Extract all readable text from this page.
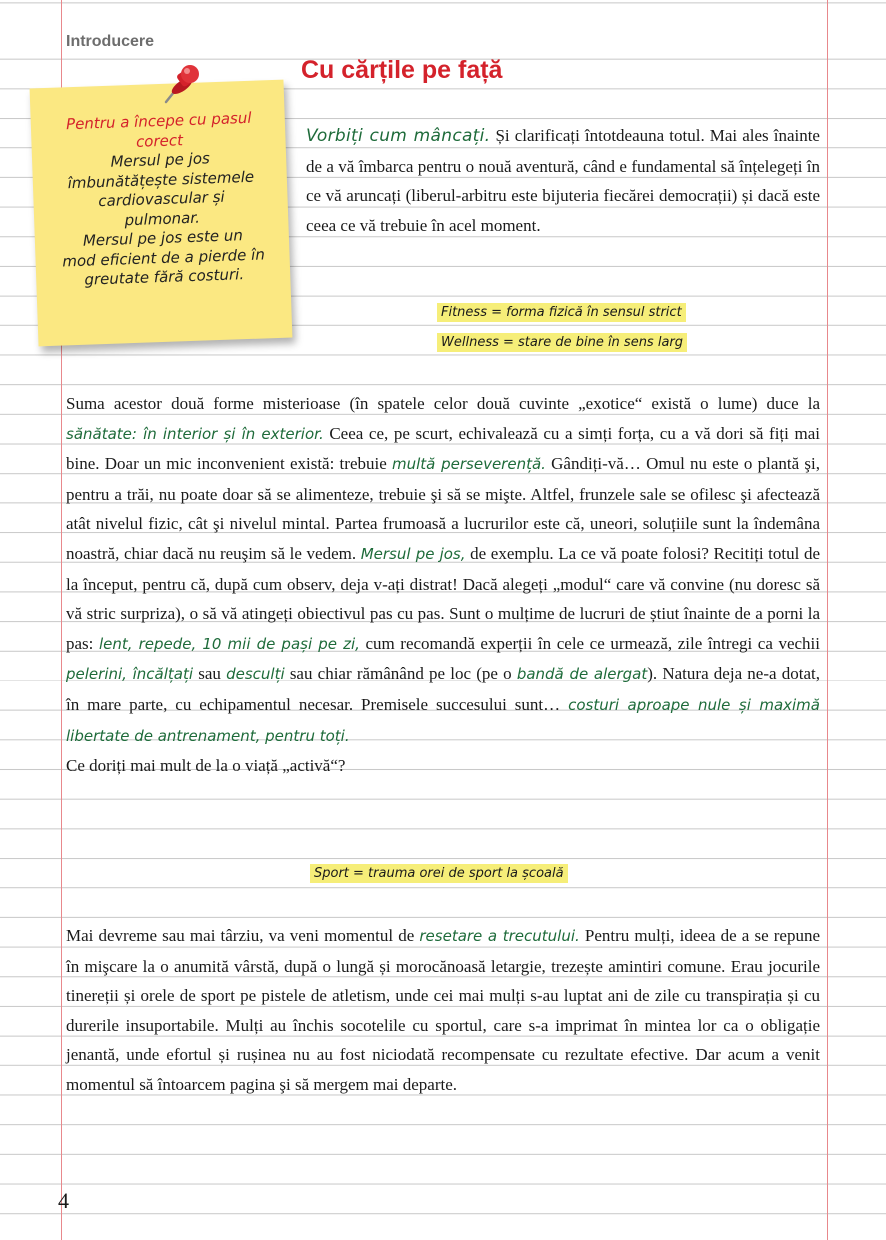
Introducere
Cu cărțile pe față
Pentru a începe cu pasul
corect
Mersul pe jos
îmbunătățește sistemele
cardiovascular și
pulmonar.
Mersul pe jos este un
mod eficient de a pierde în
greutate fără costuri.
Vorbiți cum mâncați. Și clarificați întotdeauna totul. Mai ales înainte de a vă îmbarca pentru o nouă aventură, când e fundamental să înțelegeți în ce vă aruncați (liberul-arbitru este bijuteria fiecărei democrații) și dacă este ceea ce vă trebuie în acel moment.
Fitness = forma fizică în sensul strict
Wellness = stare de bine în sens larg
Suma acestor două forme misterioase (în spatele celor două cuvinte „exotice“ există o lume) duce la sănătate: în interior și în exterior. Ceea ce, pe scurt, echivalează cu a simți forța, cu a vă dori să fiți mai bine. Doar un mic inconvenient există: trebuie multă perseverență. Gândiți-vă… Omul nu este o plantă şi, pentru a trăi, nu poate doar să se alimenteze, trebuie şi să se mişte. Altfel, frunzele sale se ofilesc şi afectează atât nivelul fizic, cât şi nivelul mintal. Partea frumoasă a lucrurilor este că, uneori, soluțiile sunt la îndemâna noastră, chiar dacă nu reuşim să le vedem. Mersul pe jos, de exemplu. La ce vă poate folosi? Recitiți totul de la început, pentru că, după cum observ, deja v-ați distrat! Dacă alegeți „modul“ care vă convine (nu doresc să vă stric surpriza), o să vă atingeți obiectivul pas cu pas. Sunt o mulțime de lucruri de știut înainte de a porni la pas: lent, repede, 10 mii de pași pe zi, cum recomandă experții în cele ce urmează, zile întregi ca vechii pelerini, încălțați sau desculți sau chiar rămânând pe loc (pe o bandă de alergat). Natura deja ne-a dotat, în mare parte, cu echipamentul necesar. Premisele succesului sunt… costuri aproape nule și maximă libertate de antrenament, pentru toți.
Ce doriți mai mult de la o viață „activă“?
Sport = trauma orei de sport la școală
Mai devreme sau mai târziu, va veni momentul de resetare a trecutului. Pentru mulți, ideea de a se repune în mişcare la o anumită vârstă, după o lungă și morocănoasă letargie, trezește amintiri comune. Erau jocurile tinereții și orele de sport pe pistele de atletism, unde cei mai mulți s-au luptat ani de zile cu transpirația și cu durerile insuportabile. Mulți au închis socotelile cu sportul, care s-a imprimat în mintea lor ca o obligație jenantă, unde efortul și rușinea nu au fost niciodată recompensate cu rezultate efective. Dar acum a venit momentul să întoarcem pagina şi să mergem mai departe.
4
